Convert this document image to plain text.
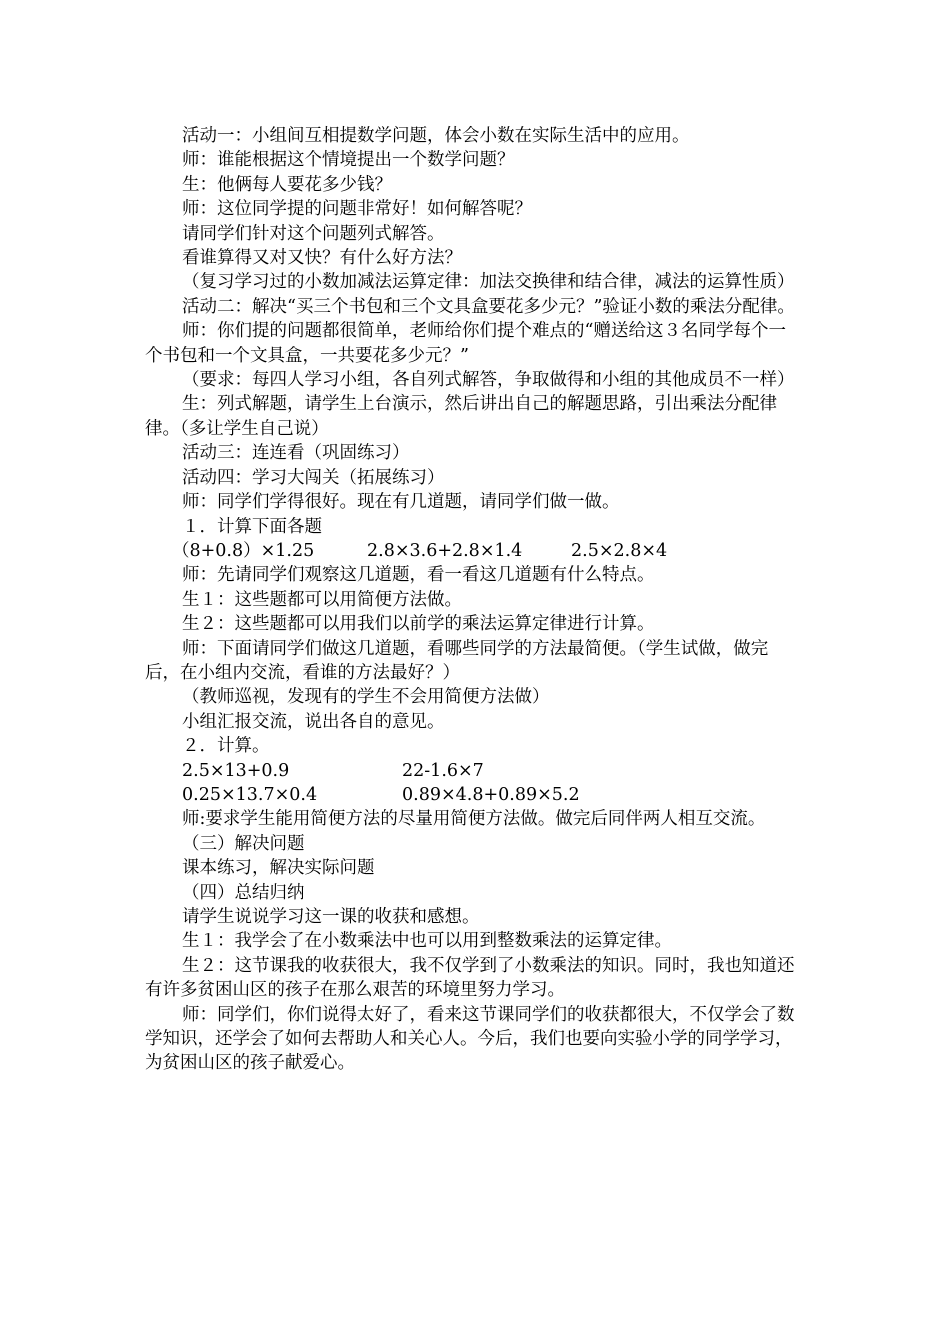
活动一：小组间互相提数学问题，体会小数在实际生活中的应用。

师：谁能根据这个情境提出一个数学问题？

生：他俩每人要花多少钱？

师：这位同学提的问题非常好！如何解答呢？

请同学们针对这个问题列式解答。

看谁算得又对又快？有什么好方法？

（复习学习过的小数加减法运算定律：加法交换律和结合律，减法的运算性质）

活动二：解决“买三个书包和三个文具盒要花多少元？”验证小数的乘法分配律。

师：你们提的问题都很简单，老师给你们提个难点的“赠送给这３名同学每个一个书包和一个文具盒，一共要花多少元？”

（要求：每四人学习小组，各自列式解答，争取做得和小组的其他成员不一样）

生：列式解题，请学生上台演示，然后讲出自己的解题思路，引出乘法分配律律。（多让学生自己说）

活动三：连连看（巩固练习）

活动四：学习大闯关（拓展练习）

师：同学们学得很好。现在有几道题，请同学们做一做。

１．计算下面各题

（8+0.8）×1.25	2.8×3.6+2.8×1.4	2.5×2.8×4

师：先请同学们观察这几道题，看一看这几道题有什么特点。

生１：这些题都可以用简便方法做。

生２：这些题都可以用我们以前学的乘法运算定律进行计算。

师：下面请同学们做这几道题，看哪些同学的方法最简便。（学生试做，做完后，在小组内交流，看谁的方法最好？）

（教师巡视，发现有的学生不会用简便方法做）

小组汇报交流，说出各自的意见。

２．计算。

2.5×13+0.9	22-1.6×7
0.25×13.7×0.4	0.89×4.8+0.89×5.2

师:要求学生能用简便方法的尽量用简便方法做。做完后同伴两人相互交流。

（三）解决问题

课本练习，解决实际问题

（四）总结归纳

请学生说说学习这一课的收获和感想。

生１：我学会了在小数乘法中也可以用到整数乘法的运算定律。

生２：这节课我的收获很大，我不仅学到了小数乘法的知识。同时，我也知道还有许多贫困山区的孩子在那么艰苦的环境里努力学习。

师：同学们，你们说得太好了，看来这节课同学们的收获都很大，不仅学会了数学知识，还学会了如何去帮助人和关心人。今后，我们也要向实验小学的同学学习，为贫困山区的孩子献爱心。
